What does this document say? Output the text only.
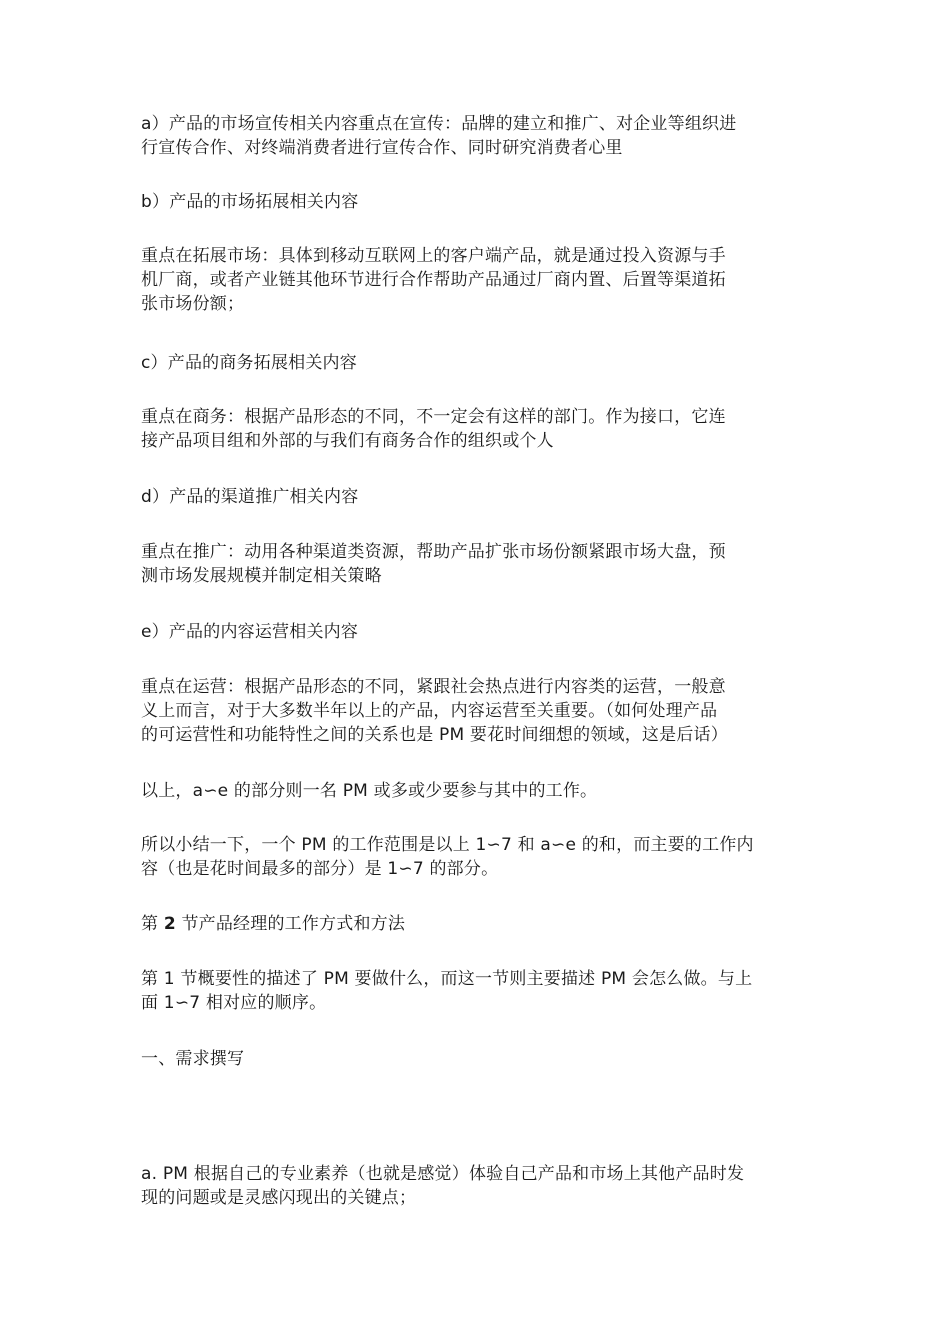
a）产品的市场宣传相关内容重点在宣传：品牌的建立和推广、对企业等组织进
行宣传合作、对终端消费者进行宣传合作、同时研究消费者心里

b）产品的市场拓展相关内容

重点在拓展市场：具体到移动互联网上的客户端产品，就是通过投入资源与手
机厂商，或者产业链其他环节进行合作帮助产品通过厂商内置、后置等渠道拓
张市场份额；

c）产品的商务拓展相关内容

重点在商务：根据产品形态的不同，不一定会有这样的部门。作为接口，它连
接产品项目组和外部的与我们有商务合作的组织或个人

d）产品的渠道推广相关内容

重点在推广：动用各种渠道类资源，帮助产品扩张市场份额紧跟市场大盘，预
测市场发展规模并制定相关策略

e）产品的内容运营相关内容

重点在运营：根据产品形态的不同，紧跟社会热点进行内容类的运营，一般意
义上而言，对于大多数半年以上的产品，内容运营至关重要。（如何处理产品
的可运营性和功能特性之间的关系也是 PM 要花时间细想的领域，这是后话）

以上，a∽e 的部分则一名 PM 或多或少要参与其中的工作。

所以小结一下，一个 PM 的工作范围是以上 1∽7 和 a∽e 的和，而主要的工作内
容（也是花时间最多的部分）是 1∽7 的部分。

第 2 节产品经理的工作方式和方法

第 1 节概要性的描述了 PM 要做什么，而这一节则主要描述 PM 会怎么做。与上
面 1∽7 相对应的顺序。

一、需求撰写

a. PM 根据自己的专业素养（也就是感觉）体验自己产品和市场上其他产品时发
现的问题或是灵感闪现出的关键点；
